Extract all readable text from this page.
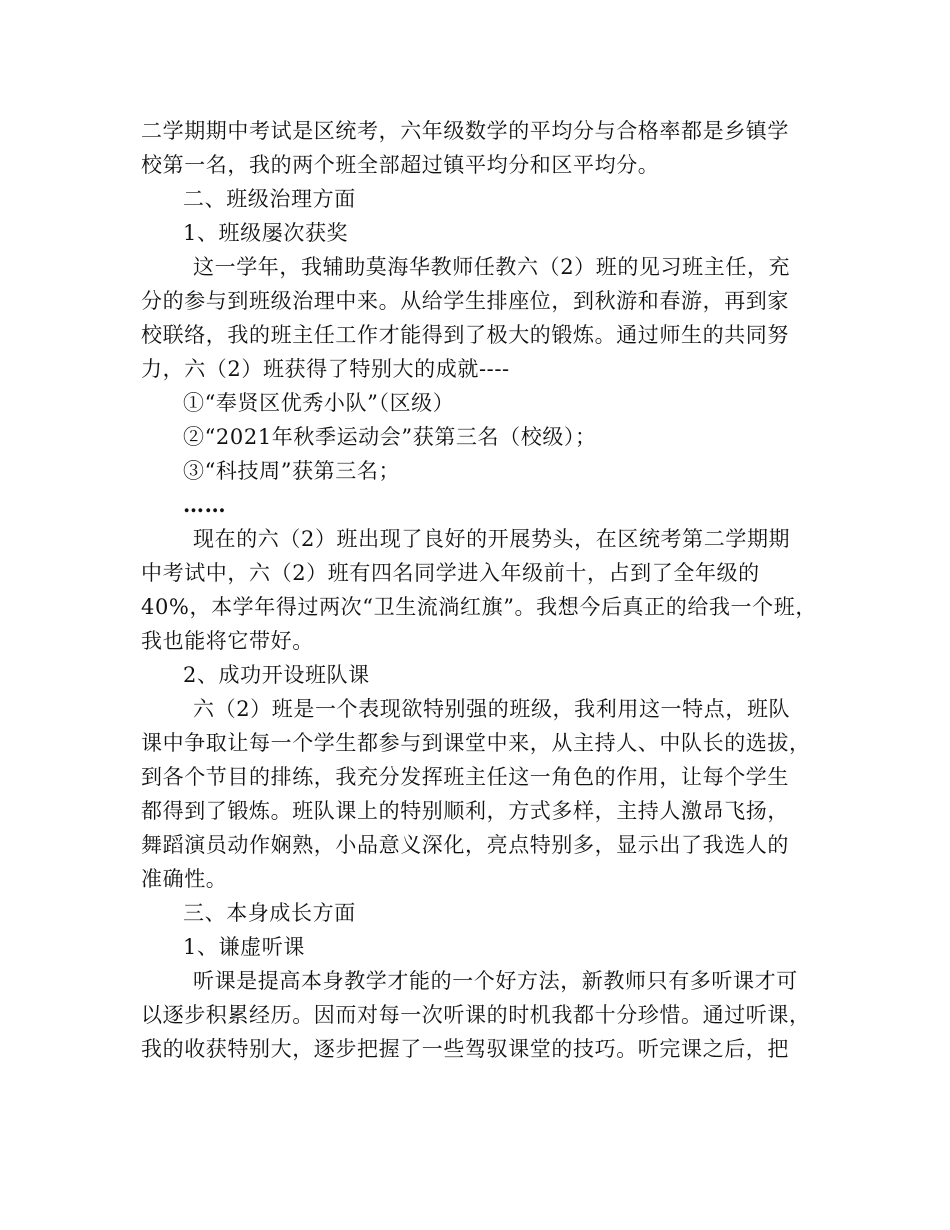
二学期期中考试是区统考，六年级数学的平均分与合格率都是乡镇学
校第一名，我的两个班全部超过镇平均分和区平均分。
二、班级治理方面
1、班级屡次获奖
这一学年，我辅助莫海华教师任教六（2）班的见习班主任，充
分的参与到班级治理中来。从给学生排座位，到秋游和春游，再到家
校联络，我的班主任工作才能得到了极大的锻炼。通过师生的共同努
力，六（2）班获得了特别大的成就----
①“奉贤区优秀小队”（区级）
②“2021年秋季运动会”获第三名（校级）；
③“科技周”获第三名；
……
现在的六（2）班出现了良好的开展势头，在区统考第二学期期
中考试中，六（2）班有四名同学进入年级前十，占到了全年级的
40%，本学年得过两次“卫生流淌红旗”。我想今后真正的给我一个班，
我也能将它带好。
2、成功开设班队课
六（2）班是一个表现欲特别强的班级，我利用这一特点，班队
课中争取让每一个学生都参与到课堂中来，从主持人、中队长的选拔，
到各个节目的排练，我充分发挥班主任这一角色的作用，让每个学生
都得到了锻炼。班队课上的特别顺利，方式多样，主持人激昂飞扬，
舞蹈演员动作娴熟，小品意义深化，亮点特别多，显示出了我选人的
准确性。
三、本身成长方面
1、谦虚听课
听课是提高本身教学才能的一个好方法，新教师只有多听课才可
以逐步积累经历。因而对每一次听课的时机我都十分珍惜。通过听课，
我的收获特别大，逐步把握了一些驾驭课堂的技巧。听完课之后，把
